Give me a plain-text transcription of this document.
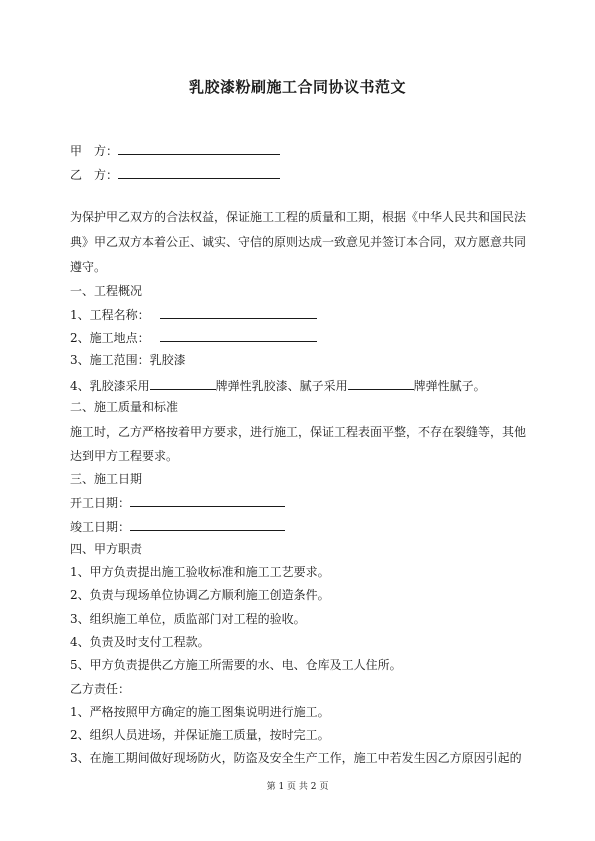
乳胶漆粉刷施工合同协议书范文
甲　方：
乙　方：
为保护甲乙双方的合法权益，保证施工工程的质量和工期，根据《中华人民共和国民法
典》甲乙双方本着公正、诚实、守信的原则达成一致意见并签订本合同，双方愿意共同
遵守。
一、工程概况
1、工程名称：
2、施工地点：
3、施工范围：乳胶漆
4、乳胶漆采用	牌弹性乳胶漆、腻子采用	牌弹性腻子。
二、施工质量和标准
施工时，乙方严格按着甲方要求，进行施工，保证工程表面平整，不存在裂缝等，其他
达到甲方工程要求。
三、施工日期
开工日期：
竣工日期：
四、甲方职责
1、甲方负责提出施工验收标准和施工工艺要求。
2、负责与现场单位协调乙方顺利施工创造条件。
3、组织施工单位，质监部门对工程的验收。
4、负责及时支付工程款。
5、甲方负责提供乙方施工所需要的水、电、仓库及工人住所。
乙方责任：
1、严格按照甲方确定的施工图集说明进行施工。
2、组织人员进场，并保证施工质量，按时完工。
3、在施工期间做好现场防火，防盗及安全生产工作，施工中若发生因乙方原因引起的
第 1 页 共 2 页
